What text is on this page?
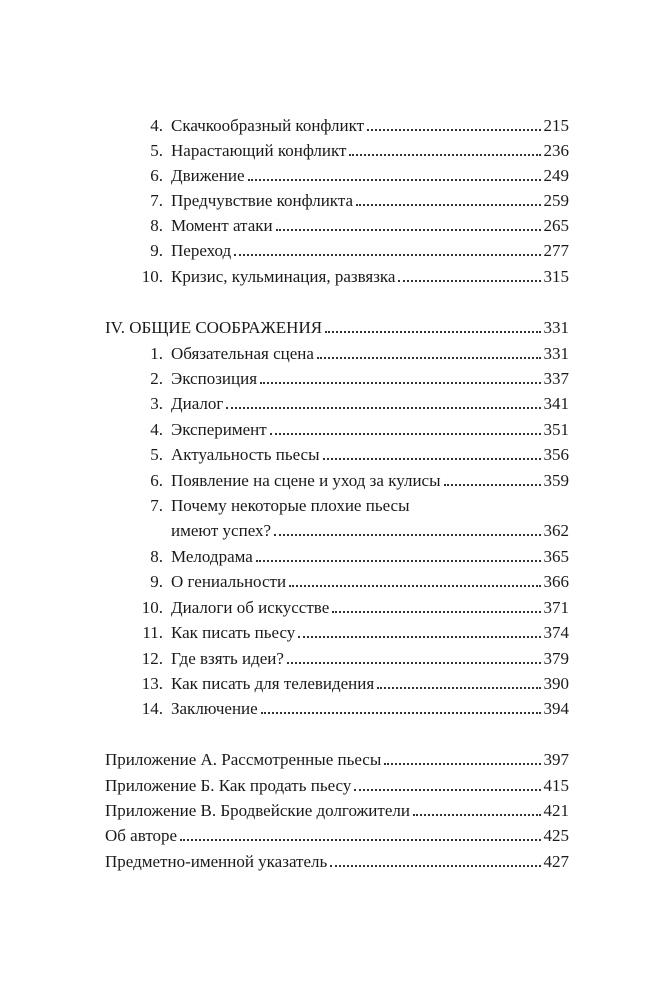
4. Скачкообразный конфликт	215
5. Нарастающий конфликт	236
6. Движение	249
7. Предчувствие конфликта	259
8. Момент атаки	265
9. Переход	277
10. Кризис, кульминация, развязка	315
IV. ОБЩИЕ СООБРАЖЕНИЯ	331
1. Обязательная сцена	331
2. Экспозиция	337
3. Диалог	341
4. Эксперимент	351
5. Актуальность пьесы	356
6. Появление на сцене и уход за кулисы	359
7. Почему некоторые плохие пьесы
имеют успех?	362
8. Мелодрама	365
9. О гениальности	366
10. Диалоги об искусстве	371
11. Как писать пьесу	374
12. Где взять идеи?	379
13. Как писать для телевидения	390
14. Заключение	394
Приложение А. Рассмотренные пьесы	397
Приложение Б. Как продать пьесу	415
Приложение В. Бродвейские долгожители	421
Об авторе	425
Предметно-именной указатель	427
